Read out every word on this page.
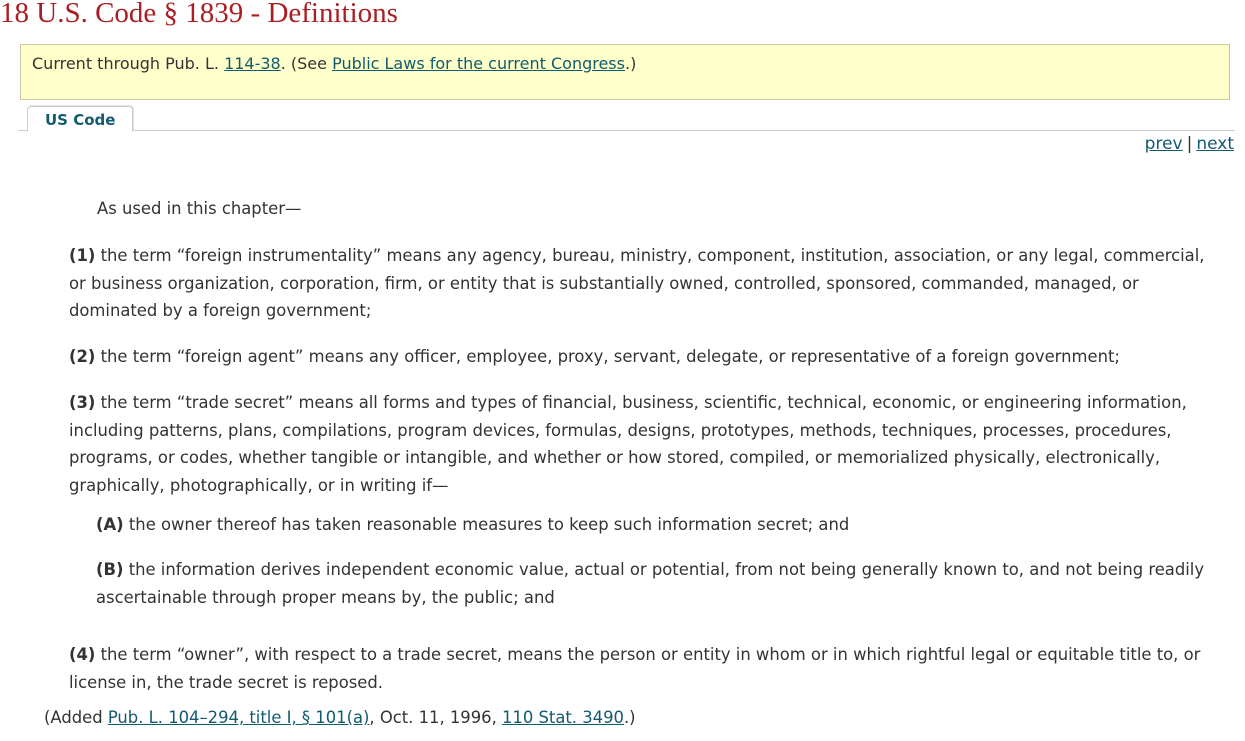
18 U.S. Code § 1839 - Definitions
Current through Pub. L. 114-38. (See Public Laws for the current Congress.)
US Code
prev | next

As used in this chapter—

(1) the term “foreign instrumentality” means any agency, bureau, ministry, component, institution, association, or any legal, commercial, or business organization, corporation, firm, or entity that is substantially owned, controlled, sponsored, commanded, managed, or dominated by a foreign government;

(2) the term “foreign agent” means any officer, employee, proxy, servant, delegate, or representative of a foreign government;

(3) the term “trade secret” means all forms and types of financial, business, scientific, technical, economic, or engineering information, including patterns, plans, compilations, program devices, formulas, designs, prototypes, methods, techniques, processes, procedures, programs, or codes, whether tangible or intangible, and whether or how stored, compiled, or memorialized physically, electronically, graphically, photographically, or in writing if—

(A) the owner thereof has taken reasonable measures to keep such information secret; and

(B) the information derives independent economic value, actual or potential, from not being generally known to, and not being readily ascertainable through proper means by, the public; and

(4) the term “owner”, with respect to a trade secret, means the person or entity in whom or in which rightful legal or equitable title to, or license in, the trade secret is reposed.

(Added Pub. L. 104–294, title I, § 101(a), Oct. 11, 1996, 110 Stat. 3490.)
